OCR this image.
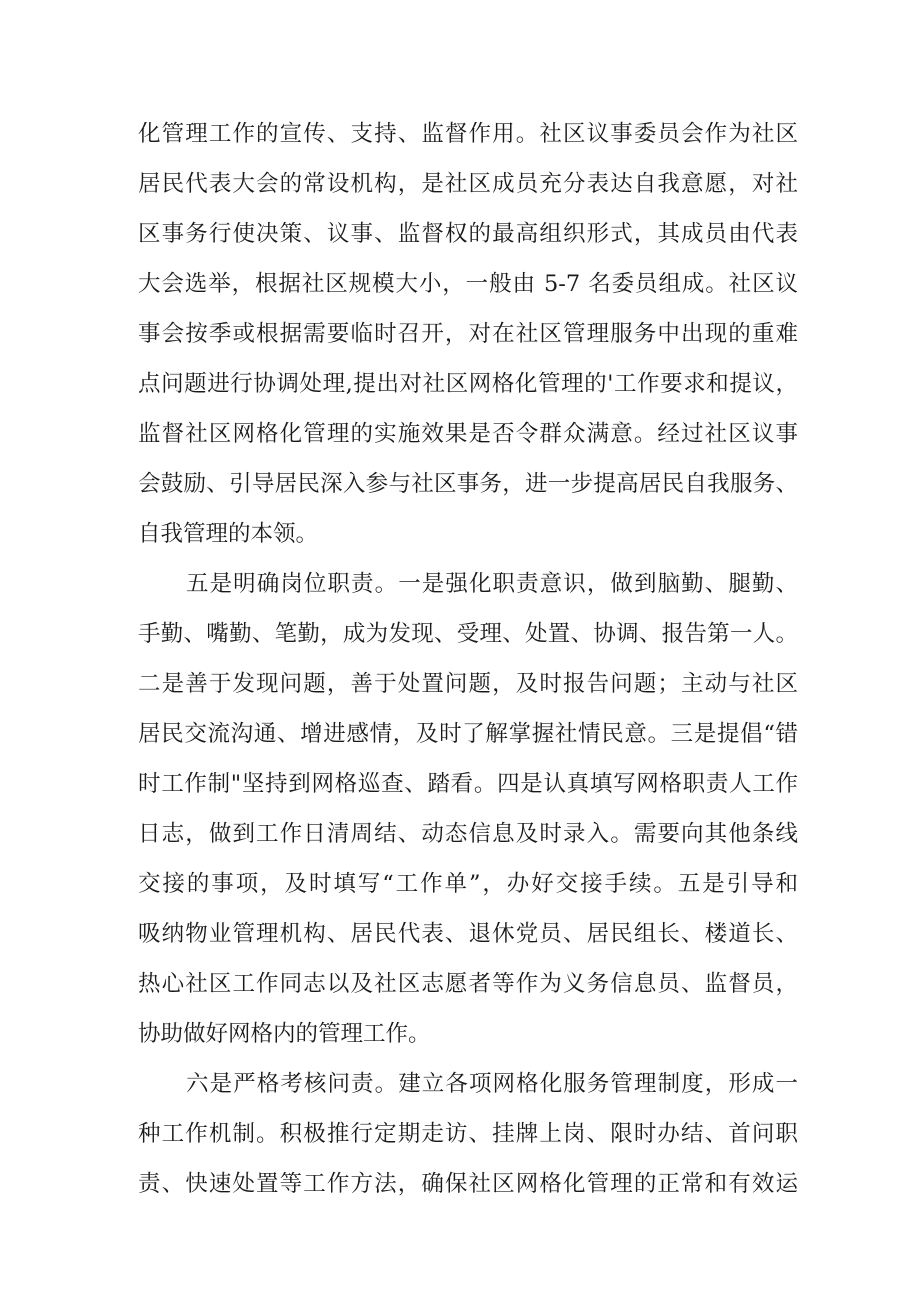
化管理工作的宣传、支持、监督作用。社区议事委员会作为社区
居民代表大会的常设机构，是社区成员充分表达自我意愿，对社
区事务行使决策、议事、监督权的最高组织形式，其成员由代表
大会选举，根据社区规模大小，一般由 5-7 名委员组成。社区议
事会按季或根据需要临时召开，对在社区管理服务中出现的重难
点问题进行协调处理,提出对社区网格化管理的'工作要求和提议，
监督社区网格化管理的实施效果是否令群众满意。经过社区议事
会鼓励、引导居民深入参与社区事务，进一步提高居民自我服务、
自我管理的本领。
五是明确岗位职责。一是强化职责意识，做到脑勤、腿勤、
手勤、嘴勤、笔勤，成为发现、受理、处置、协调、报告第一人。
二是善于发现问题，善于处置问题，及时报告问题；主动与社区
居民交流沟通、增进感情，及时了解掌握社情民意。三是提倡“错
时工作制"坚持到网格巡查、踏看。四是认真填写网格职责人工作
日志，做到工作日清周结、动态信息及时录入。需要向其他条线
交接的事项，及时填写“工作单”，办好交接手续。五是引导和
吸纳物业管理机构、居民代表、退休党员、居民组长、楼道长、
热心社区工作同志以及社区志愿者等作为义务信息员、监督员，
协助做好网格内的管理工作。
六是严格考核问责。建立各项网格化服务管理制度，形成一
种工作机制。积极推行定期走访、挂牌上岗、限时办结、首问职
责、快速处置等工作方法，确保社区网格化管理的正常和有效运
